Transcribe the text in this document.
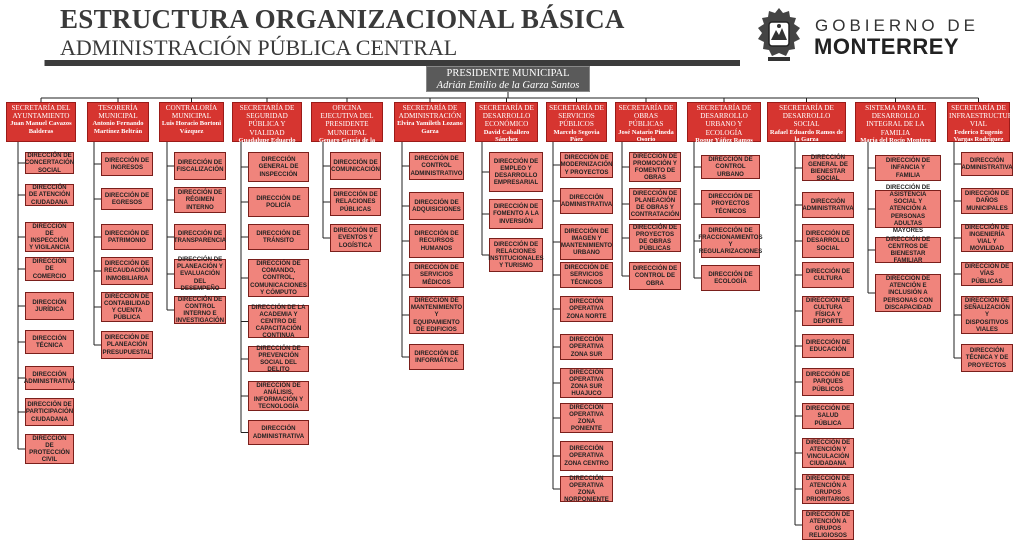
ESTRUCTURA ORGANIZACIONAL BÁSICA
ADMINISTRACIÓN PÚBLICA CENTRAL
GOBIERNO DE
MONTERREY
PRESIDENTE MUNICIPAL
Adrián Emilio de la Garza Santos
SECRETARÍA DEL AYUNTAMIENTO
Juan Manuel Cavazos Balderas
DIRECCIÓN DE CONCERTACIÓN SOCIAL
DIRECCIÓN DE ATENCIÓN CIUDADANA
DIRECCIÓN DE INSPECCIÓN Y VIGILANCIA
DIRECCIÓN DE COMERCIO
DIRECCIÓN JURÍDICA
DIRECCIÓN TÉCNICA
DIRECCIÓN ADMINISTRATIVA
DIRECCIÓN DE PARTICIPACIÓN CIUDADANA
DIRECCIÓN DE PROTECCIÓN CIVIL
TESORERÍA MUNICIPAL
Antonio Fernando Martínez Beltrán
DIRECCIÓN DE INGRESOS
DIRECCIÓN DE EGRESOS
DIRECCIÓN DE PATRIMONIO
DIRECCIÓN DE RECAUDACIÓN INMOBILIARIA
DIRECCIÓN DE CONTABILIDAD Y CUENTA PÚBLICA
DIRECCIÓN DE PLANEACIÓN PRESUPUESTAL
CONTRALORÍA MUNICIPAL
Luis Horacio Bortoni Vázquez
DIRECCIÓN DE FISCALIZACIÓN
DIRECCIÓN DE RÉGIMEN INTERNO
DIRECCIÓN DE TRANSPARENCIA
DIRECCIÓN DE PLANEACIÓN Y EVALUACIÓN DEL DESEMPEÑO
DIRECCIÓN DE CONTROL INTERNO E INVESTIGACIÓN
SECRETARÍA DE SEGURIDAD PÚBLICA Y VIALIDAD
Guadalupe Eduardo Sánchez Quiroz
DIRECCIÓN GENERAL DE INSPECCIÓN
DIRECCIÓN DE POLICÍA
DIRECCIÓN DE TRÁNSITO
DIRECCIÓN DE COMANDO, CONTROL, COMUNICACIONES Y CÓMPUTO
DIRECCIÓN DE LA ACADEMIA Y CENTRO DE CAPACITACIÓN CONTINUA
DIRECCIÓN DE PREVENCIÓN SOCIAL DEL DELITO
DIRECCIÓN DE ANÁLISIS, INFORMACIÓN Y TECNOLOGÍA
DIRECCIÓN ADMINISTRATIVA
OFICINA EJECUTIVA DEL PRESIDENTE MUNICIPAL
Genaro García de la Garza
DIRECCIÓN DE COMUNICACIÓN
DIRECCIÓN DE RELACIONES PÚBLICAS
DIRECCIÓN DE EVENTOS Y LOGÍSTICA
SECRETARÍA DE ADMINISTRACIÓN
Elvira Yamileth Lozano Garza
DIRECCIÓN DE CONTROL ADMINISTRATIVO
DIRECCIÓN DE ADQUISICIONES
DIRECCIÓN DE RECURSOS HUMANOS
DIRECCIÓN DE SERVICIOS MÉDICOS
DIRECCIÓN DE MANTENIMIENTO Y EQUIPAMIENTO DE EDIFICIOS
DIRECCIÓN DE INFORMÁTICA
SECRETARÍA DE DESARROLLO ECONÓMICO
David Caballero Sánchez
DIRECCIÓN DE EMPLEO Y DESARROLLO EMPRESARIAL
DIRECCIÓN DE FOMENTO A LA INVERSIÓN
DIRECCIÓN DE RELACIONES INSTITUCIONALES Y TURISMO
SECRETARÍA DE SERVICIOS PÚBLICOS
Marcelo Segovia Páez
DIRECCIÓN DE MODERNIZACIÓN Y PROYECTOS
DIRECCIÓN ADMINISTRATIVA
DIRECCIÓN DE IMAGEN Y MANTENIMIENTO URBANO
DIRECCIÓN DE SERVICIOS TÉCNICOS
DIRECCIÓN OPERATIVA ZONA NORTE
DIRECCIÓN OPERATIVA ZONA SUR
DIRECCIÓN OPERATIVA ZONA SUR HUAJUCO
DIRECCIÓN OPERATIVA ZONA PONIENTE
DIRECCIÓN OPERATIVA ZONA CENTRO
DIRECCIÓN OPERATIVA ZONA NORPONIENTE
SECRETARÍA DE OBRAS PÚBLICAS
José Natario Pineda Osorio
DIRECCIÓN DE PROMOCIÓN Y FOMENTO DE OBRAS
DIRECCIÓN DE PLANEACIÓN DE OBRAS Y CONTRATACIÓN
DIRECCIÓN DE PROYECTOS DE OBRAS PÚBLICAS
DIRECCIÓN DE CONTROL DE OBRA
SECRETARÍA DE DESARROLLO URBANO Y ECOLOGÍA
Roque Yáñez Ramos
DIRECCIÓN DE CONTROL URBANO
DIRECCIÓN DE PROYECTOS TÉCNICOS
DIRECCIÓN DE FRACCIONAMIENTOS Y REGULARIZACIONES
DIRECCIÓN DE ECOLOGÍA
SECRETARÍA DE DESARROLLO SOCIAL
Rafael Eduardo Ramos de la Garza
DIRECCIÓN GENERAL DE BIENESTAR SOCIAL
DIRECCIÓN ADMINISTRATIVA
DIRECCIÓN DE DESARROLLO SOCIAL
DIRECCIÓN DE CULTURA
DIRECCIÓN DE CULTURA FÍSICA Y DEPORTE
DIRECCIÓN DE EDUCACIÓN
DIRECCIÓN DE PARQUES PÚBLICOS
DIRECCIÓN DE SALUD PÚBLICA
DIRECCIÓN DE ATENCIÓN Y VINCULACIÓN CIUDADANA
DIRECCIÓN DE ATENCIÓN A GRUPOS PRIORITARIOS
DIRECCIÓN DE ATENCIÓN A GRUPOS RELIGIOSOS
SISTEMA PARA EL DESARROLLO INTEGRAL DE LA FAMILIA
María del Rocío Montero Zambrano
DIRECCIÓN DE INFANCIA Y FAMILIA
DIRECCIÓN DE ASISTENCIA SOCIAL Y ATENCIÓN A PERSONAS ADULTAS MAYORES
DIRECCIÓN DE CENTROS DE BIENESTAR FAMILIAR
DIRECCIÓN DE ATENCIÓN E INCLUSIÓN A PERSONAS CON DISCAPACIDAD
SECRETARÍA DE INFRAESTRUCTURA VIAL
Federico Eugenio Vargas Rodríguez
DIRECCIÓN ADMINISTRATIVA
DIRECCIÓN DE DAÑOS MUNICIPALES
DIRECCIÓN DE INGENIERÍA VIAL Y MOVILIDAD
DIRECCIÓN DE VÍAS PÚBLICAS
DIRECCIÓN DE SEÑALIZACIÓN Y DISPOSITIVOS VIALES
DIRECCIÓN TÉCNICA Y DE PROYECTOS
